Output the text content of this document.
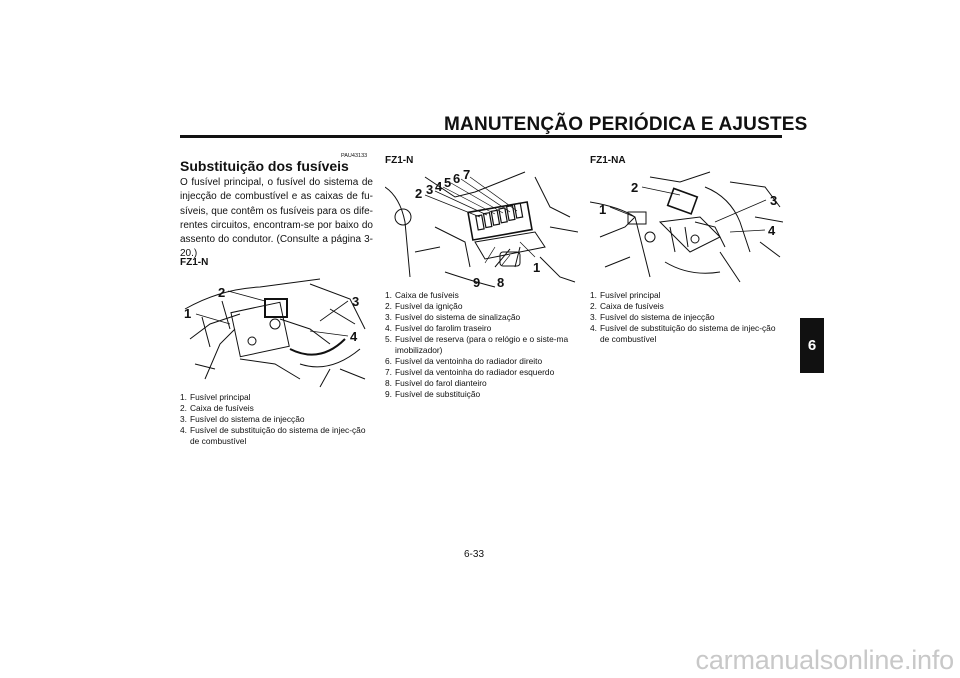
MANUTENÇÃO PERIÓDICA E AJUSTES
6
PAU43133
Substituição dos fusíveis

O fusível principal, o fusível do sistema de injecção de combustível e as caixas de fu-síveis, que contêm os fusíveis para os dife-rentes circuitos, encontram-se por baixo do assento do condutor. (Consulte a página 3-20.)

FZ1-N
1
2
3
4
1. Fusível principal
2. Caixa de fusíveis
3. Fusível do sistema de injecção
4. Fusível de substituição do sistema de injec-ção de combustível
FZ1-N
2 3 4 5 6 7
9 8
1
1. Caixa de fusíveis
2. Fusível da ignição
3. Fusível do sistema de sinalização
4. Fusível do farolim traseiro
5. Fusível de reserva (para o relógio e o siste-ma imobilizador)
6. Fusível da ventoinha do radiador direito
7. Fusível da ventoinha do radiador esquerdo
8. Fusível do farol dianteiro
9. Fusível de substituição
FZ1-NA
2
1
3
4
1. Fusível principal
2. Caixa de fusíveis
3. Fusível do sistema de injecção
4. Fusível de substituição do sistema de injec-ção de combustível
6-33
carmanualsonline.info
